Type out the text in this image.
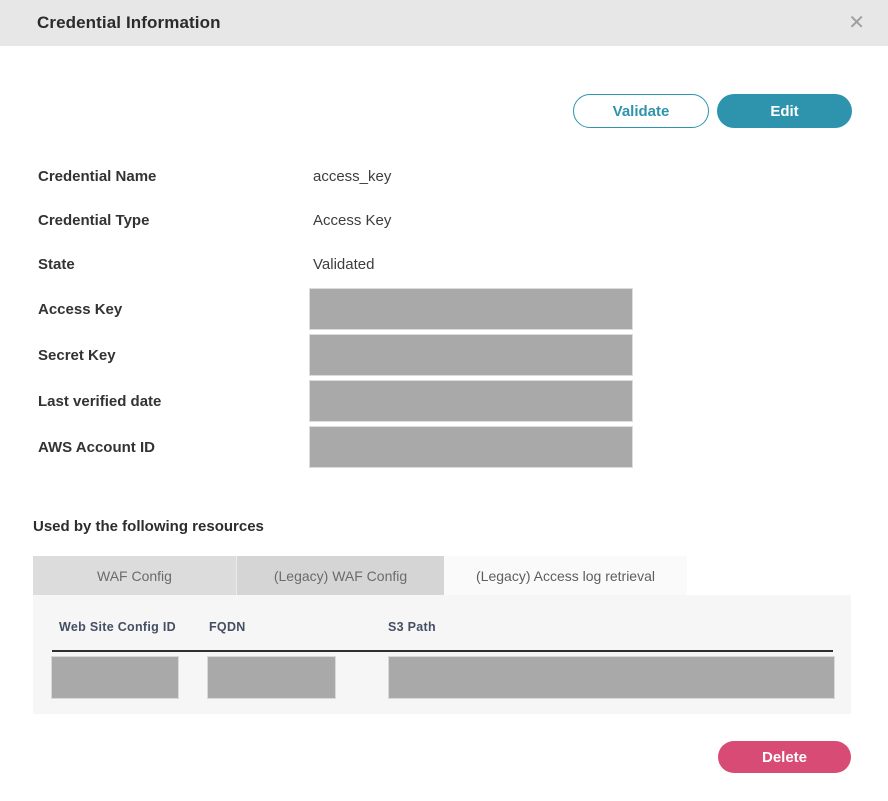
Credential Information	✕
Validate	Edit
Credential Name	access_key
Credential Type	Access Key
State	Validated
Access Key
Secret Key
Last verified date
AWS Account ID
Used by the following resources
WAF Config	(Legacy) WAF Config	(Legacy) Access log retrieval
Web Site Config ID	FQDN	S3 Path
Delete
